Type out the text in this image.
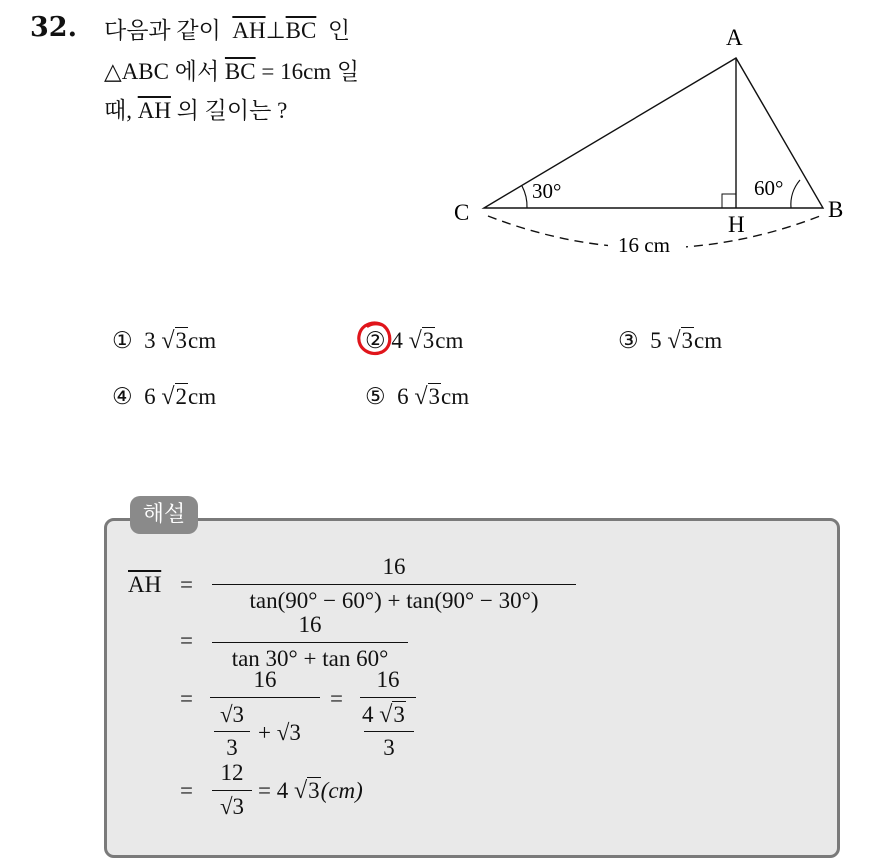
32. 다음과 같이 $\overline{AH}\perp\overline{BC}$ 인
△ABC 에서 $\overline{BC} = 16cm$ 일
때, $\overline{AH}$ 의 길이는 ?
A
B
C	H
30°	60°
16 cm
① 3 √3cm	② 4 √3cm	③ 5 √3cm
④ 6 √2cm	⑤ 6 √3cm
해설
$\overline{AH}$ =
16
tan(90° − 60°) + tan(90° − 30°)
=
16
tan 30° + tan 60°
=
16
√3
3
+ √3
=
16
4 √3
3
=
12
√3
= 4 √3(cm)
